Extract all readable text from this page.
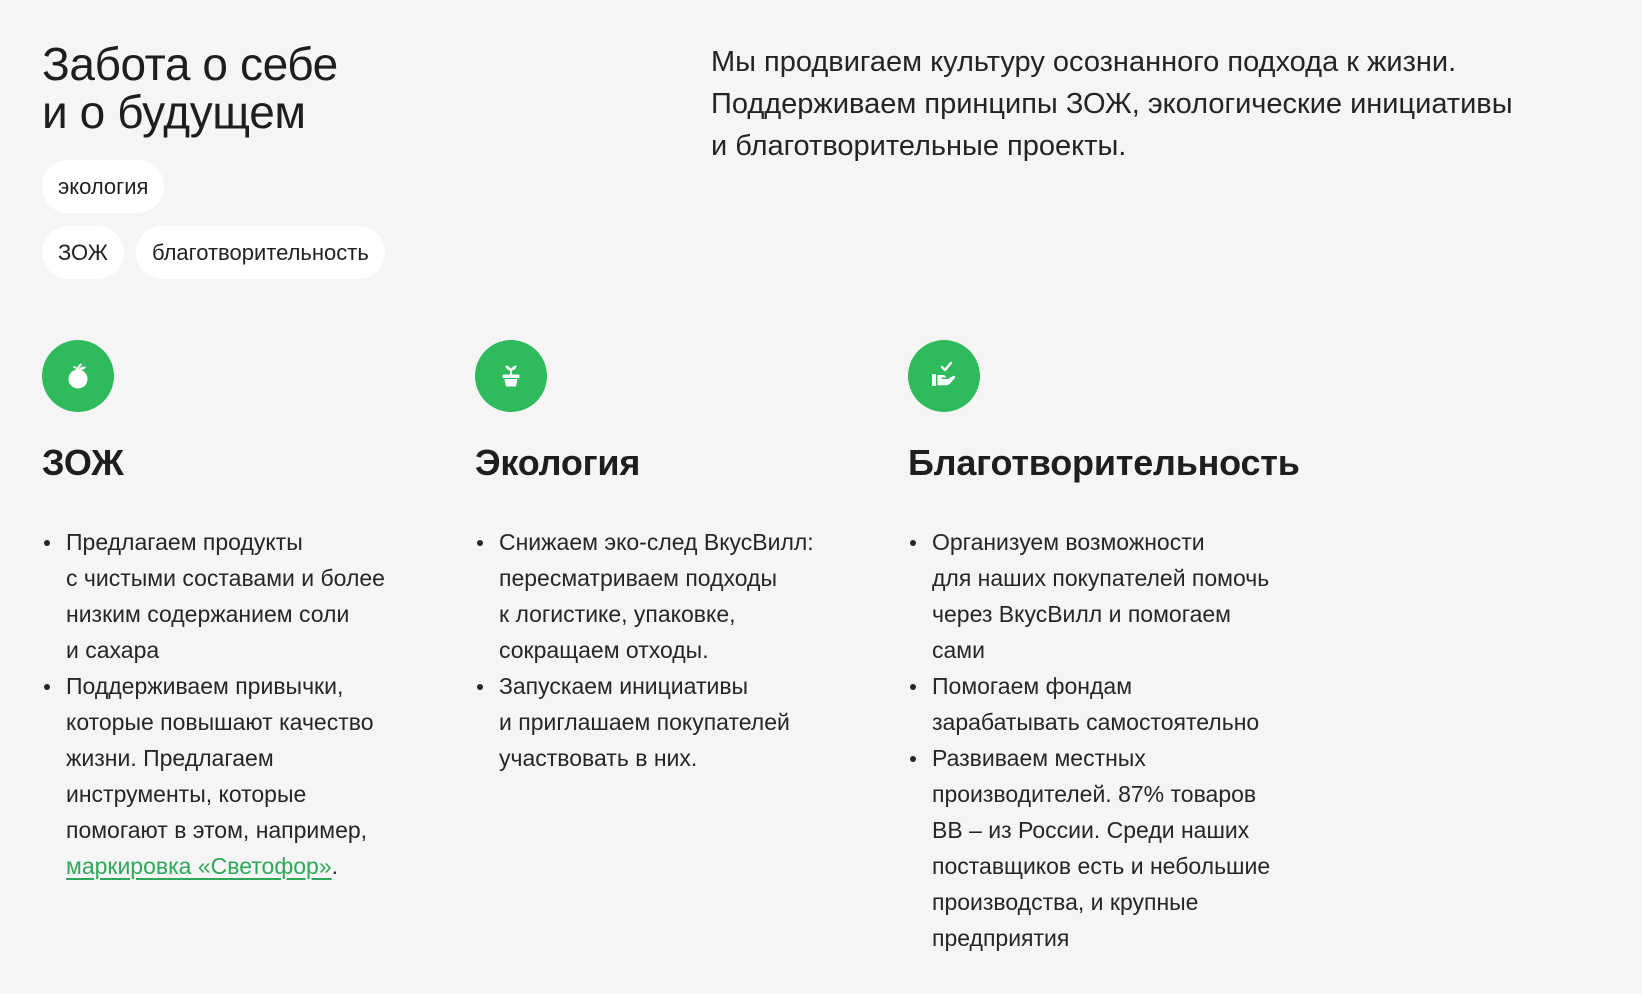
Забота о себе
и о будущем

Мы продвигаем культуру осознанного подхода к жизни.
Поддерживаем принципы ЗОЖ, экологические инициативы
и благотворительные проекты.

экология
ЗОЖ	благотворительность
ЗОЖ
Предлагаем продукты
с чистыми составами и более
низким содержанием соли
и сахара
Поддерживаем привычки,
которые повышают качество
жизни. Предлагаем
инструменты, которые
помогают в этом, например,
маркировка «Светофор».
Экология
Снижаем эко-след ВкусВилл:
пересматриваем подходы
к логистике, упаковке,
сокращаем отходы.
Запускаем инициативы
и приглашаем покупателей
участвовать в них.
Благотворительность
Организуем возможности
для наших покупателей помочь
через ВкусВилл и помогаем
сами
Помогаем фондам
зарабатывать самостоятельно
Развиваем местных
производителей. 87% товаров
ВВ – из России. Среди наших
поставщиков есть и небольшие
производства, и крупные
предприятия
